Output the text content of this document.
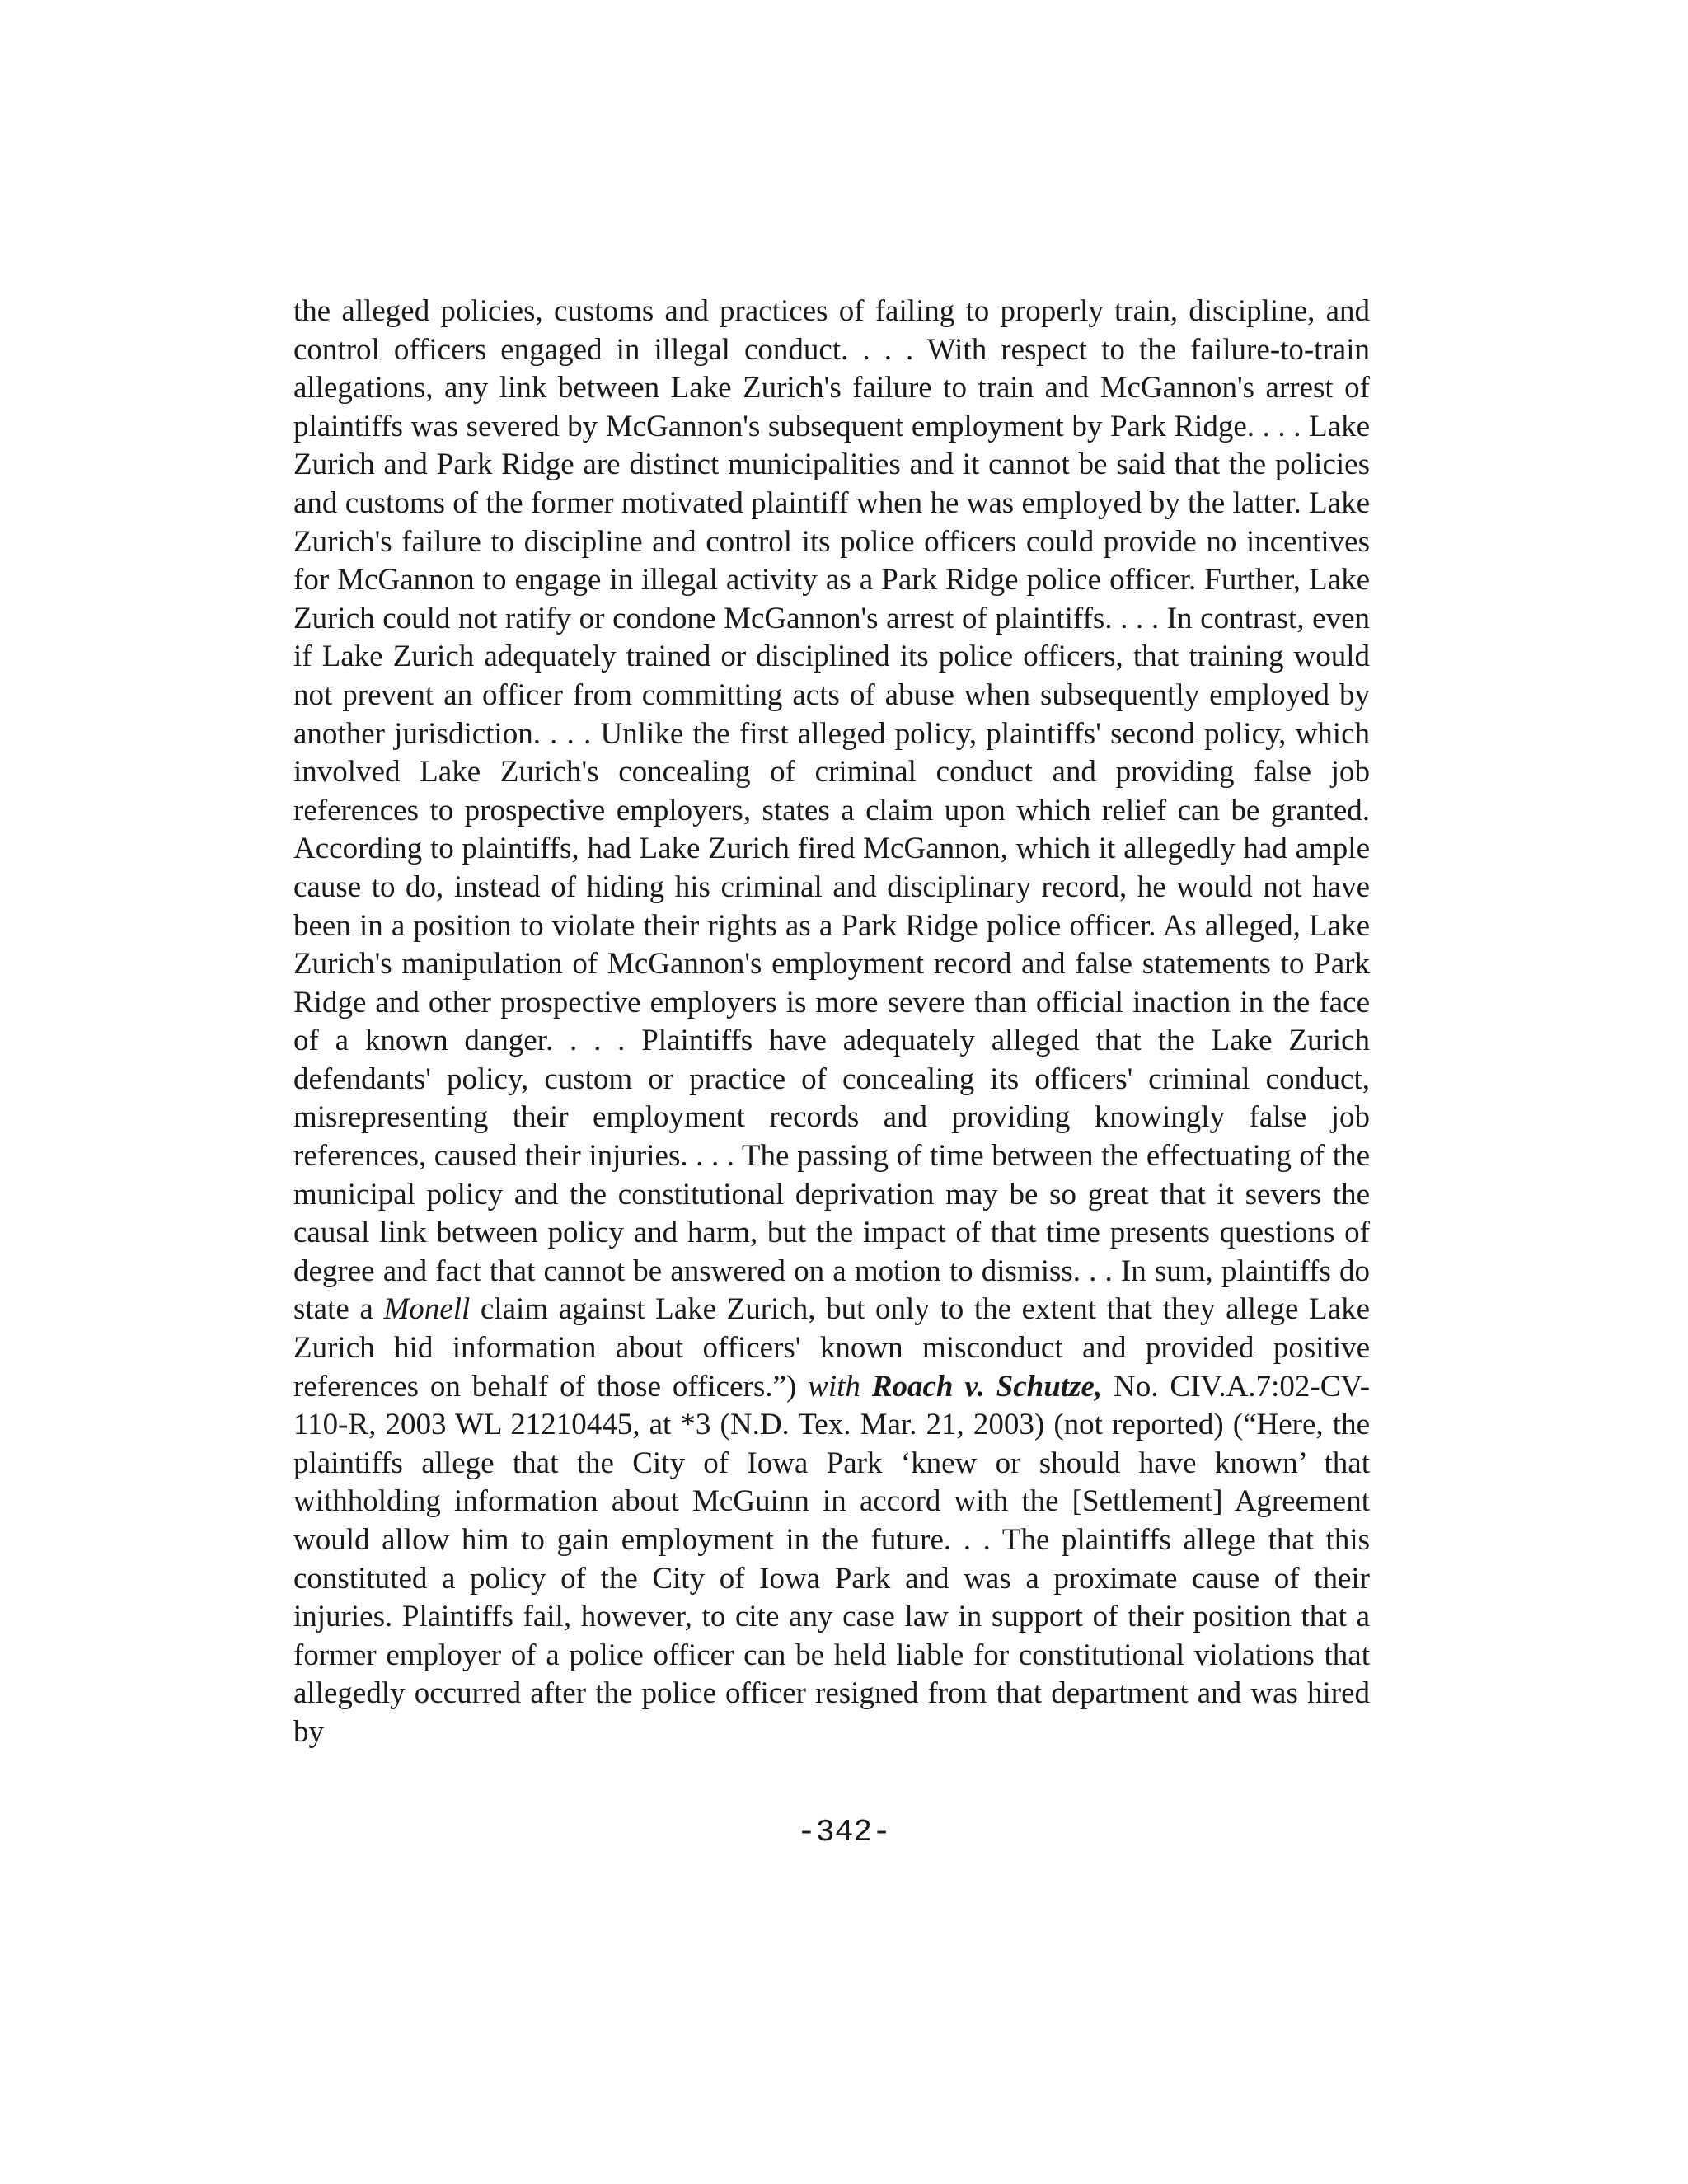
the alleged policies, customs and practices of failing to properly train, discipline, and control officers engaged in illegal conduct. . . . With respect to the failure-to-train allegations, any link between Lake Zurich's failure to train and McGannon's arrest of plaintiffs was severed by McGannon's subsequent employment by Park Ridge. . . . Lake Zurich and Park Ridge are distinct municipalities and it cannot be said that the policies and customs of the former motivated plaintiff when he was employed by the latter. Lake Zurich's failure to discipline and control its police officers could provide no incentives for McGannon to engage in illegal activity as a Park Ridge police officer. Further, Lake Zurich could not ratify or condone McGannon's arrest of plaintiffs. . . . In contrast, even if Lake Zurich adequately trained or disciplined its police officers, that training would not prevent an officer from committing acts of abuse when subsequently employed by another jurisdiction. . . . Unlike the first alleged policy, plaintiffs' second policy, which involved Lake Zurich's concealing of criminal conduct and providing false job references to prospective employers, states a claim upon which relief can be granted. According to plaintiffs, had Lake Zurich fired McGannon, which it allegedly had ample cause to do, instead of hiding his criminal and disciplinary record, he would not have been in a position to violate their rights as a Park Ridge police officer. As alleged, Lake Zurich's manipulation of McGannon's employment record and false statements to Park Ridge and other prospective employers is more severe than official inaction in the face of a known danger. . . . Plaintiffs have adequately alleged that the Lake Zurich defendants' policy, custom or practice of concealing its officers' criminal conduct, misrepresenting their employment records and providing knowingly false job references, caused their injuries. . . . The passing of time between the effectuating of the municipal policy and the constitutional deprivation may be so great that it severs the causal link between policy and harm, but the impact of that time presents questions of degree and fact that cannot be answered on a motion to dismiss. . . In sum, plaintiffs do state a Monell claim against Lake Zurich, but only to the extent that they allege Lake Zurich hid information about officers' known misconduct and provided positive references on behalf of those officers.”) with Roach v. Schutze, No. CIV.A.7:02-CV-110-R, 2003 WL 21210445, at *3 (N.D. Tex. Mar. 21, 2003) (not reported) (“Here, the plaintiffs allege that the City of Iowa Park ‘knew or should have known’ that withholding information about McGuinn in accord with the [Settlement] Agreement would allow him to gain employment in the future. . . The plaintiffs allege that this constituted a policy of the City of Iowa Park and was a proximate cause of their injuries. Plaintiffs fail, however, to cite any case law in support of their position that a former employer of a police officer can be held liable for constitutional violations that allegedly occurred after the police officer resigned from that department and was hired by

-342-
